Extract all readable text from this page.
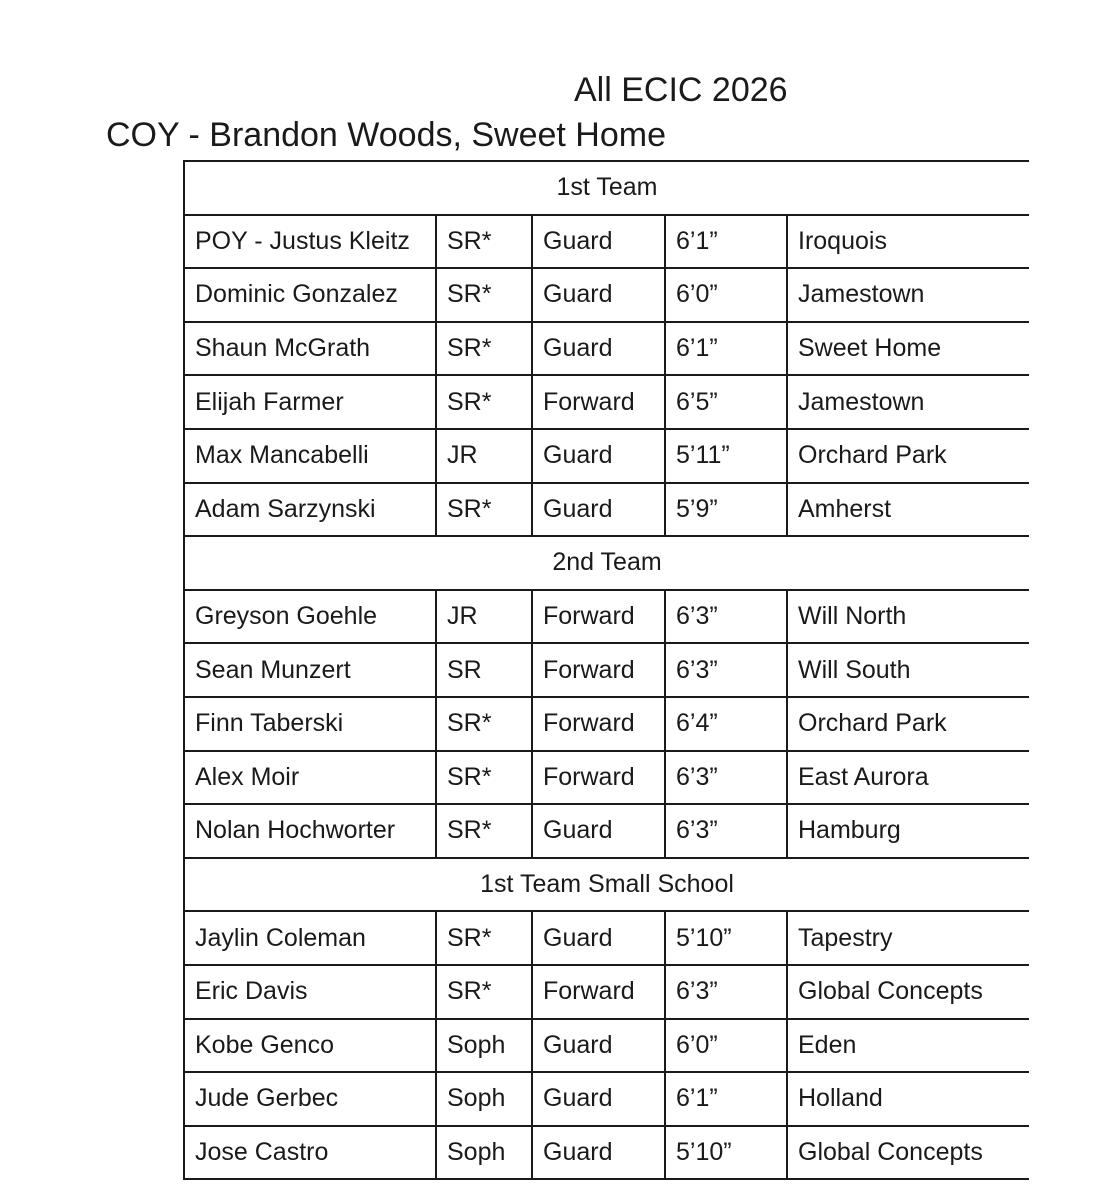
All ECIC 2026
COY - Brandon Woods, Sweet Home
1st Team				
POY - Justus Kleitz	SR*	Guard	6’1”	Iroquois
Dominic Gonzalez	SR*	Guard	6’0”	Jamestown
Shaun McGrath	SR*	Guard	6’1”	Sweet Home
Elijah Farmer	SR*	Forward	6’5”	Jamestown
Max Mancabelli	JR	Guard	5’11”	Orchard Park
Adam Sarzynski	SR*	Guard	5’9”	Amherst
2nd Team				
Greyson Goehle	JR	Forward	6’3”	Will North
Sean Munzert	SR	Forward	6’3”	Will South
Finn Taberski	SR*	Forward	6’4”	Orchard Park
Alex Moir	SR*	Forward	6’3”	East Aurora
Nolan Hochworter	SR*	Guard	6’3”	Hamburg
1st Team Small School				
Jaylin Coleman	SR*	Guard	5’10”	Tapestry
Eric Davis	SR*	Forward	6’3”	Global Concepts
Kobe Genco	Soph	Guard	6’0”	Eden
Jude Gerbec	Soph	Guard	6’1”	Holland
Jose Castro	Soph	Guard	5’10”	Global Concepts
